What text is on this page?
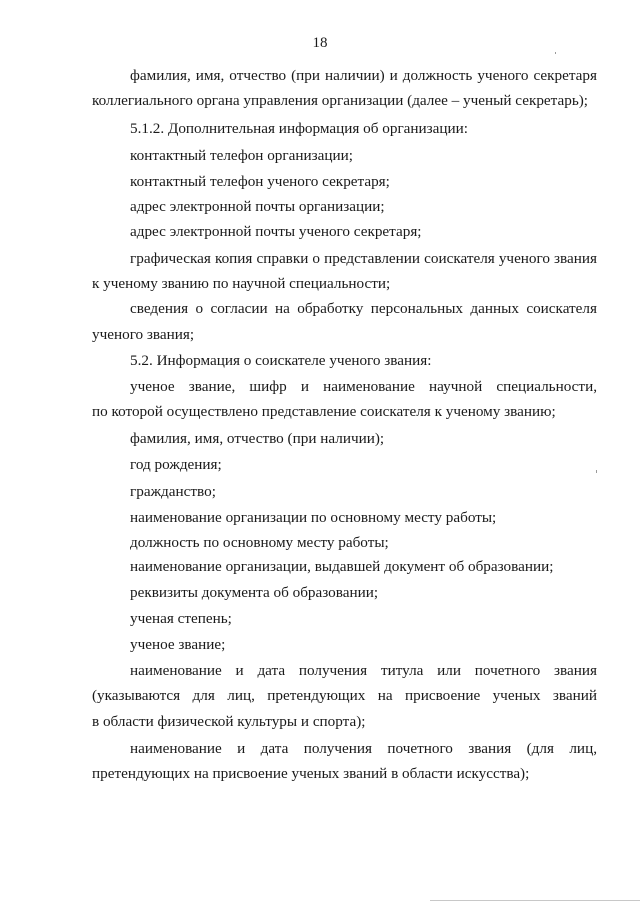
18
фамилия, имя, отчество (при наличии) и должность ученого секретаря
коллегиального органа управления организации (далее – ученый секретарь);
5.1.2. Дополнительная информация об организации:
контактный телефон организации;
контактный телефон ученого секретаря;
адрес электронной почты организации;
адрес электронной почты ученого секретаря;
графическая копия справки о представлении соискателя ученого звания
к ученому званию по научной специальности;
сведения о согласии на обработку персональных данных соискателя
ученого звания;
5.2. Информация о соискателе ученого звания:
ученое звание, шифр и наименование научной специальности,
по которой осуществлено представление соискателя к ученому званию;
фамилия, имя, отчество (при наличии);
год рождения;
гражданство;
наименование организации по основному месту работы;
должность по основному месту работы;
наименование организации, выдавшей документ об образовании;
реквизиты документа об образовании;
ученая степень;
ученое звание;
наименование и дата получения титула или почетного звания
(указываются для лиц, претендующих на присвоение ученых званий
в области физической культуры и спорта);
наименование и дата получения почетного звания (для лиц,
претендующих на присвоение ученых званий в области искусства);
